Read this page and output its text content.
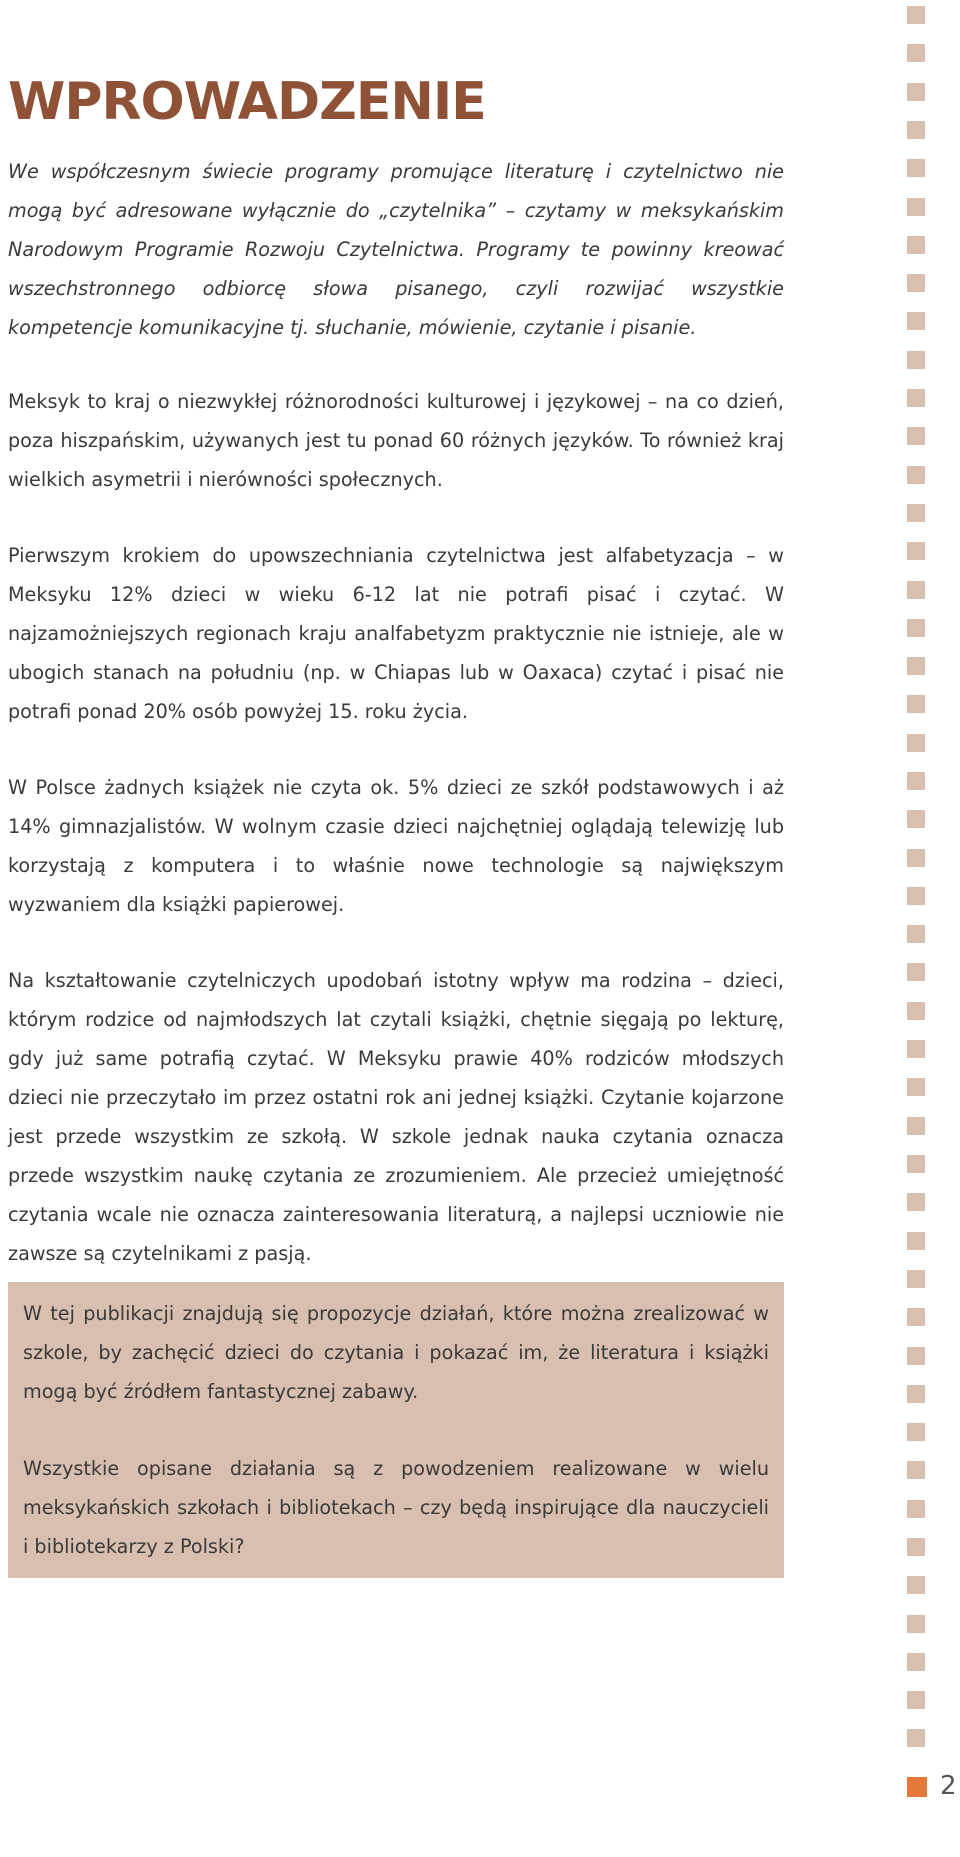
WPROWADZENIE

We współczesnym świecie programy promujące literaturę i czytelnictwo nie mogą być adresowane wyłącznie do „czytelnika” – czytamy w meksykańskim Narodowym Programie Rozwoju Czytelnictwa. Programy te powinny kreować wszechstronnego odbiorcę słowa pisanego, czyli rozwijać wszystkie kompetencje komunikacyjne tj. słuchanie, mówienie, czytanie i pisanie.

Meksyk to kraj o niezwykłej różnorodności kulturowej i językowej – na co dzień, poza hiszpańskim, używanych jest tu ponad 60 różnych języków. To również kraj wielkich asymetrii i nierówności społecznych.

Pierwszym krokiem do upowszechniania czytelnictwa jest alfabetyzacja – w Meksyku 12% dzieci w wieku 6-12 lat nie potrafi pisać i czytać. W najzamożniejszych regionach kraju analfabetyzm praktycznie nie istnieje, ale w ubogich stanach na południu (np. w Chiapas lub w Oaxaca) czytać i pisać nie potrafi ponad 20% osób powyżej 15. roku życia.

W Polsce żadnych książek nie czyta ok. 5% dzieci ze szkół podstawowych i aż 14% gimnazjalistów. W wolnym czasie dzieci najchętniej oglądają telewizję lub korzystają z komputera i to właśnie nowe technologie są największym wyzwaniem dla książki papierowej.

Na kształtowanie czytelniczych upodobań istotny wpływ ma rodzina – dzieci, którym rodzice od najmłodszych lat czytali książki, chętnie sięgają po lekturę, gdy już same potrafią czytać. W Meksyku prawie 40% rodziców młodszych dzieci nie przeczytało im przez ostatni rok ani jednej książki. Czytanie kojarzone jest przede wszystkim ze szkołą. W szkole jednak nauka czytania oznacza przede wszystkim naukę czytania ze zrozumieniem. Ale przecież umiejętność czytania wcale nie oznacza zainteresowania literaturą, a najlepsi uczniowie nie zawsze są czytelnikami z pasją.

W tej publikacji znajdują się propozycje działań, które można zrealizować w szkole, by zachęcić dzieci do czytania i pokazać im, że literatura i książki mogą być źródłem fantastycznej zabawy.

Wszystkie opisane działania są z powodzeniem realizowane w wielu meksykańskich szkołach i bibliotekach – czy będą inspirujące dla nauczycieli i bibliotekarzy z Polski?

2
